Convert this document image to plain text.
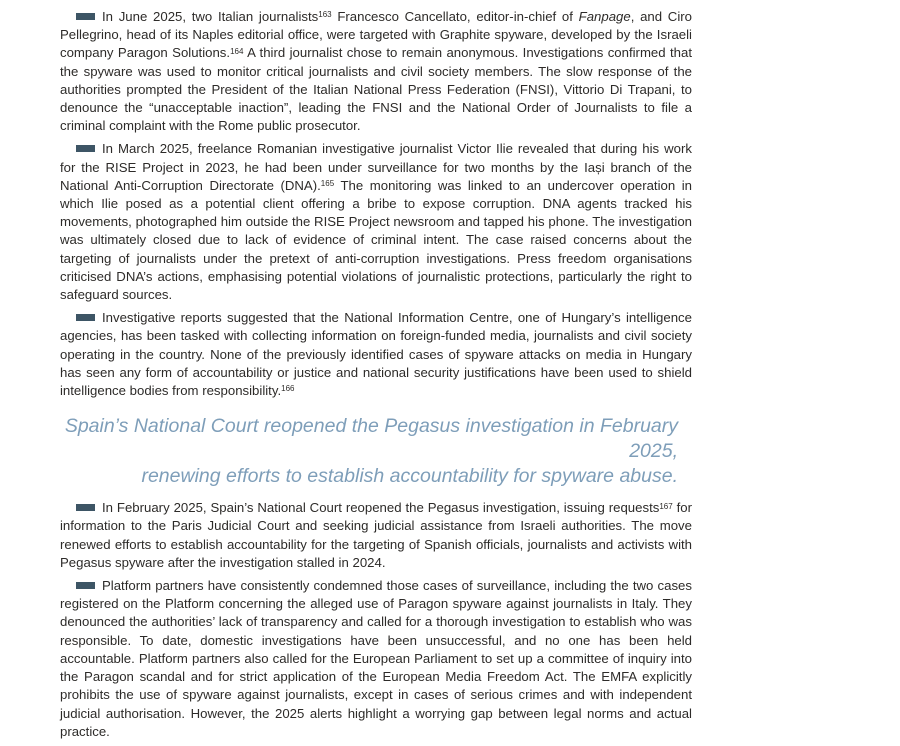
In June 2025, two Italian journalists$^{163}$ Francesco Cancellato, editor-in-chief of Fanpage, and Ciro Pellegrino, head of its Naples editorial office, were targeted with Graphite spyware, developed by the Israeli company Paragon Solutions.$^{164}$ A third journalist chose to remain anonymous. Investigations confirmed that the spyware was used to monitor critical journalists and civil society members. The slow response of the authorities prompted the President of the Italian National Press Federation (FNSI), Vittorio Di Trapani, to denounce the “unacceptable inaction”, leading the FNSI and the National Order of Journalists to file a criminal complaint with the Rome public prosecutor.

In March 2025, freelance Romanian investigative journalist Victor Ilie revealed that during his work for the RISE Project in 2023, he had been under surveillance for two months by the Iași branch of the National Anti-Corruption Directorate (DNA).$^{165}$ The monitoring was linked to an undercover operation in which Ilie posed as a potential client offering a bribe to expose corruption. DNA agents tracked his movements, photographed him outside the RISE Project newsroom and tapped his phone. The investigation was ultimately closed due to lack of evidence of criminal intent. The case raised concerns about the targeting of journalists under the pretext of anti-corruption investigations. Press freedom organisations criticised DNA’s actions, emphasising potential violations of journalistic protections, particularly the right to safeguard sources.

Investigative reports suggested that the National Information Centre, one of Hungary’s intelligence agencies, has been tasked with collecting information on foreign-funded media, journalists and civil society operating in the country. None of the previously identified cases of spyware attacks on media in Hungary has seen any form of accountability or justice and national security justifications have been used to shield intelligence bodies from responsibility.$^{166}$

Spain’s National Court reopened the Pegasus investigation in February 2025,
renewing efforts to establish accountability for spyware abuse.

In February 2025, Spain’s National Court reopened the Pegasus investigation, issuing requests$^{167}$ for information to the Paris Judicial Court and seeking judicial assistance from Israeli authorities. The move renewed efforts to establish accountability for the targeting of Spanish officials, journalists and activists with Pegasus spyware after the investigation stalled in 2024.

Platform partners have consistently condemned those cases of surveillance, including the two cases registered on the Platform concerning the alleged use of Paragon spyware against journalists in Italy. They denounced the authorities’ lack of transparency and called for a thorough investigation to establish who was responsible. To date, domestic investigations have been unsuccessful, and no one has been held accountable. Platform partners also called for the European Parliament to set up a committee of inquiry into the Paragon scandal and for strict application of the European Media Freedom Act. The EMFA explicitly prohibits the use of spyware against journalists, except in cases of serious crimes and with independent judicial authorisation. However, the 2025 alerts highlight a worrying gap between legal norms and actual practice.
